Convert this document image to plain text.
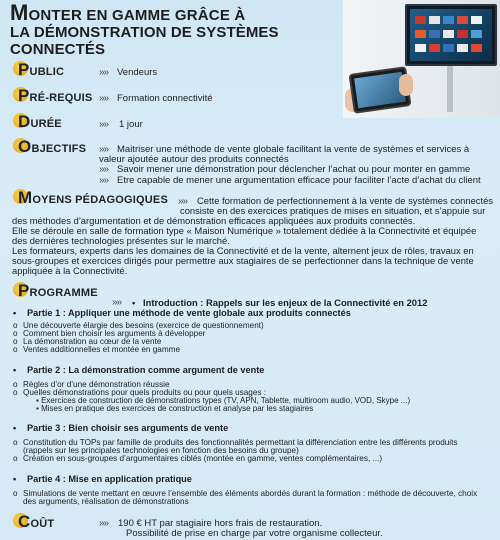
MONTER EN GAMME GRÂCE À
LA DÉMONSTRATION DE SYSTÈMES CONNECTÉS
P UBLIC	»» Vendeurs
P RÉ-REQUIS »» Formation connectivité
D URÉE	»» 1 jour
O BJECTIFS »» Maitriser une méthode de vente globale facilitant la vente de systèmes et services à
valeur ajoutée autour des produits connectés
»» Savoir mener une démonstration pour déclencher l’achat ou pour monter en gamme
»» Etre capable de mener une argumentation efficace pour faciliter l’acte d’achat du client
M OYENS PÉDAGOGIQUES »» Cette formation de perfectionnement à la vente de systèmes connectés
consiste en des exercices pratiques de mises en situation, et s’appuie sur
des méthodes d’argumentation et de démonstration efficaces appliquées aux produits connectés.
Elle se déroule en salle de formation type « Maison Numérique » totalement dédiée à la Connectivité et équipée
des dernières technologies présentes sur le marché.
Les formateurs, experts dans les domaines de la Connectivité et de la vente, alternent jeux de rôles, travaux en
sous-groupes et exercices dirigés pour permettre aux stagiaires de se perfectionner dans la technique de vente
appliquée à la Connectivité.
P ROGRAMME
»» • Introduction : Rappels sur les enjeux de la Connectivité en 2012
• Partie 1 : Appliquer une méthode de vente globale aux produits connectés
o Une découverte élargie des besoins (exercice de questionnement)
o Comment bien choisir les arguments à développer
o La démonstration au cœur de la vente
o Ventes additionnelles et montée en gamme
• Partie 2 : La démonstration comme argument de vente
o Règles d’or d’une démonstration réussie
o Quelles démonstrations pour quels produits ou pour quels usages :
▪ Exercices de construction de démonstrations types (TV, APN, Tablette, multiroom audio, VOD, Skype ...)
▪ Mises en pratique des exercices de construction et analyse par les stagiaires
• Partie 3 : Bien choisir ses arguments de vente
o Constitution du TOPs par famille de produits des fonctionnalités permettant la différenciation entre les différents produits
(rappels sur les principales technologies en fonction des besoins du groupe)
o Création en sous-groupes d’argumentaires ciblés (montée en gamme, ventes complémentaires, ...)
• Partie 4 : Mise en application pratique
o Simulations de vente mettant en œuvre l’ensemble des éléments abordés durant la formation : méthode de découverte, choix
des arguments, réalisation de démonstrations
C OÛT	»» 190 € HT par stagiaire hors frais de restauration.
Possibilité de prise en charge par votre organisme collecteur.
